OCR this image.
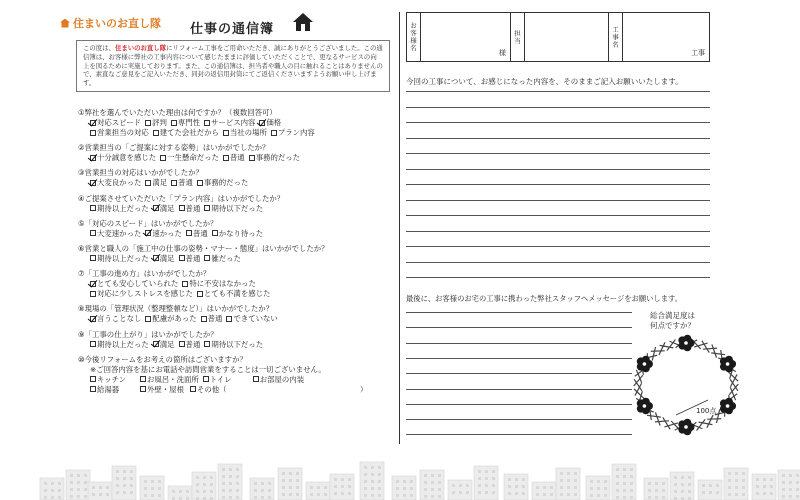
住まいのお直し隊 仕事の通信簿
この度は、住まいのお直し隊にリフォーム工事をご用命いただき、誠にありがとうございました。この通信簿は、お客様に弊社の工事内容について感じたままに評価していただくことで、更なるサービスの向上を図るために実施しております。また、この通信簿は、担当者や職人の目に触れることはありませんので、素直なご意見をご記入いただき、同封の返信用封筒にてご返信くださいますようお願い申し上げます。
①弊社を選んでいただいた理由は何ですか？（複数回答可）
対応スピード 評判 専門性 サービス内容 価格
営業担当の対応 建てた会社だから 当社の場所 プラン内容
②営業担当の「ご提案に対する姿勢」はいかがでしたか？
十分誠意を感じた 一生懸命だった 普通 事務的だった
③営業担当の対応はいかがでしたか？
大変良かった 満足 普通 事務的だった
④ご提案させていただいた「プラン内容」はいかがでしたか？
期待以上だった 満足 普通 期待以下だった
⑤「対応のスピード」はいかがでしたか？
大変速かった 速かった 普通 かなり待った
⑥営業と職人の「施工中の仕事の姿勢・マナー・態度」はいかがでしたか？
期待以上だった 満足 普通 雑だった
⑦「工事の進め方」はいかがでしたか？
とても安心していられた 特に不安はなかった
対応に少しストレスを感じた とても不満を感じた
⑧現場の「管理状況（整理整頓など）」はいかがでしたか？
言うことなし 配慮があった 普通 できていない
⑨「工事の仕上がり」はいかがでしたか？
期待以上だった 満足 普通 期待以下だった
⑩今後リフォームをお考えの箇所はございますか？
※ご回答内容を基にお電話や訪問営業をすることは一切ございません。
キッチン	お風呂・洗面所 トイレ	お部屋の内装
給湯器	外壁・屋根 その他（	）
お客様名
様
担当	工事名
工事
今回の工事について、お感じになった内容を、そのままご記入お願いいたします。
最後に、お客様のお宅の工事に携わった弊社スタッフへメッセージをお願いします。
総合満足度は
何点ですか？
100点
